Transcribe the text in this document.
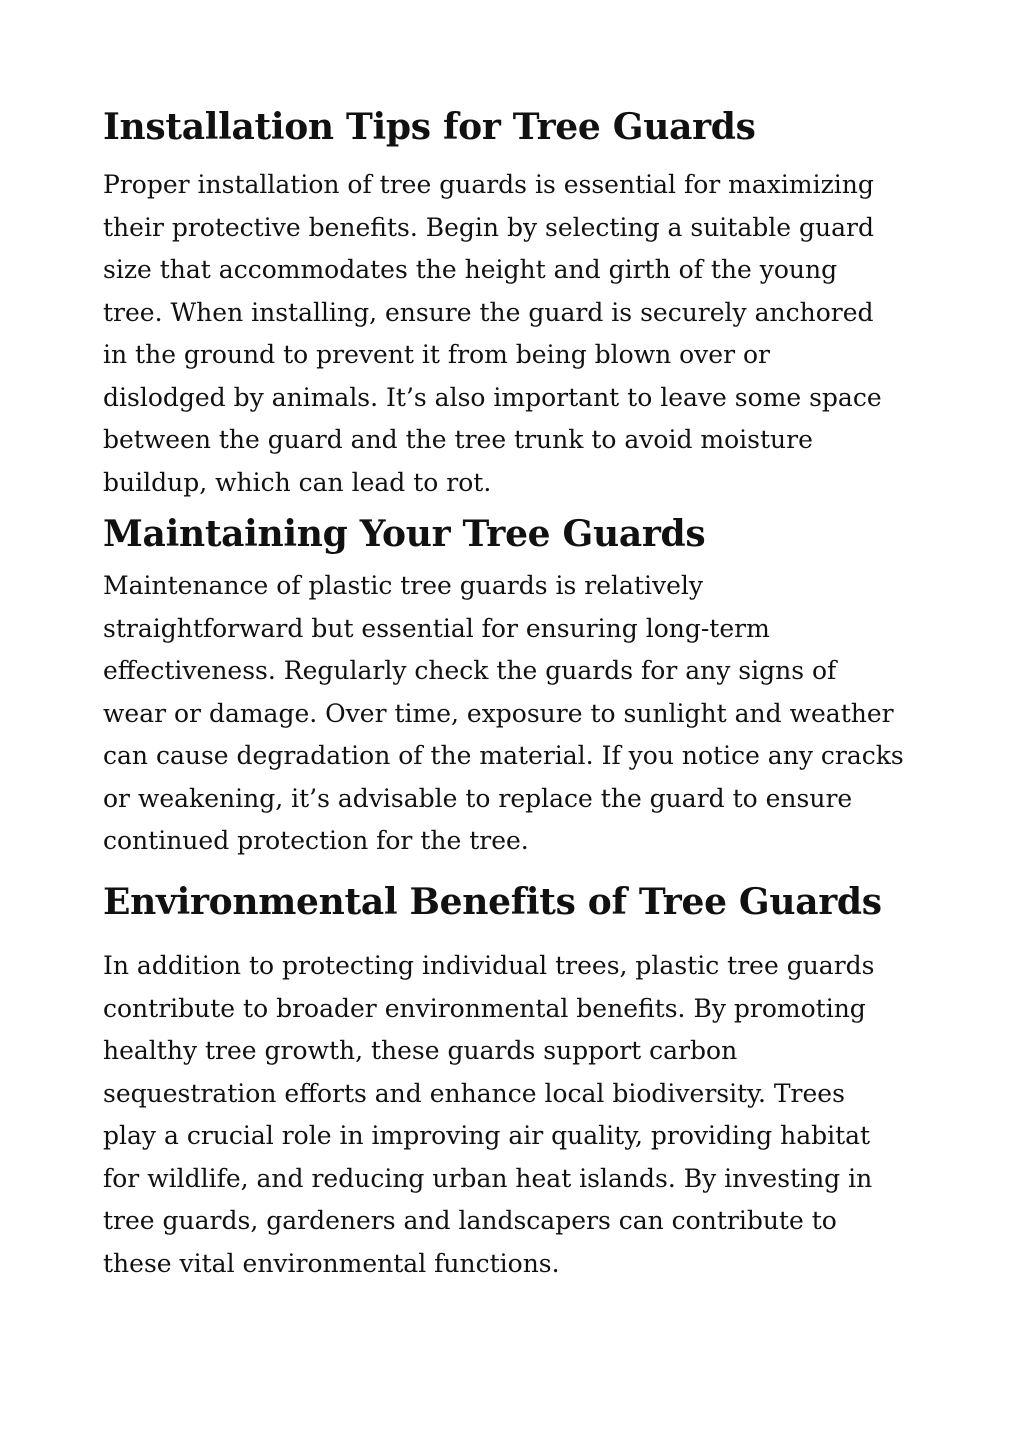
Installation Tips for Tree Guards
Proper installation of tree guards is essential for maximizing
their protective benefits. Begin by selecting a suitable guard
size that accommodates the height and girth of the young
tree. When installing, ensure the guard is securely anchored
in the ground to prevent it from being blown over or
dislodged by animals. It’s also important to leave some space
between the guard and the tree trunk to avoid moisture
buildup, which can lead to rot.
Maintaining Your Tree Guards
Maintenance of plastic tree guards is relatively
straightforward but essential for ensuring long-term
effectiveness. Regularly check the guards for any signs of
wear or damage. Over time, exposure to sunlight and weather
can cause degradation of the material. If you notice any cracks
or weakening, it’s advisable to replace the guard to ensure
continued protection for the tree.
Environmental Benefits of Tree Guards
In addition to protecting individual trees, plastic tree guards
contribute to broader environmental benefits. By promoting
healthy tree growth, these guards support carbon
sequestration efforts and enhance local biodiversity. Trees
play a crucial role in improving air quality, providing habitat
for wildlife, and reducing urban heat islands. By investing in
tree guards, gardeners and landscapers can contribute to
these vital environmental functions.
